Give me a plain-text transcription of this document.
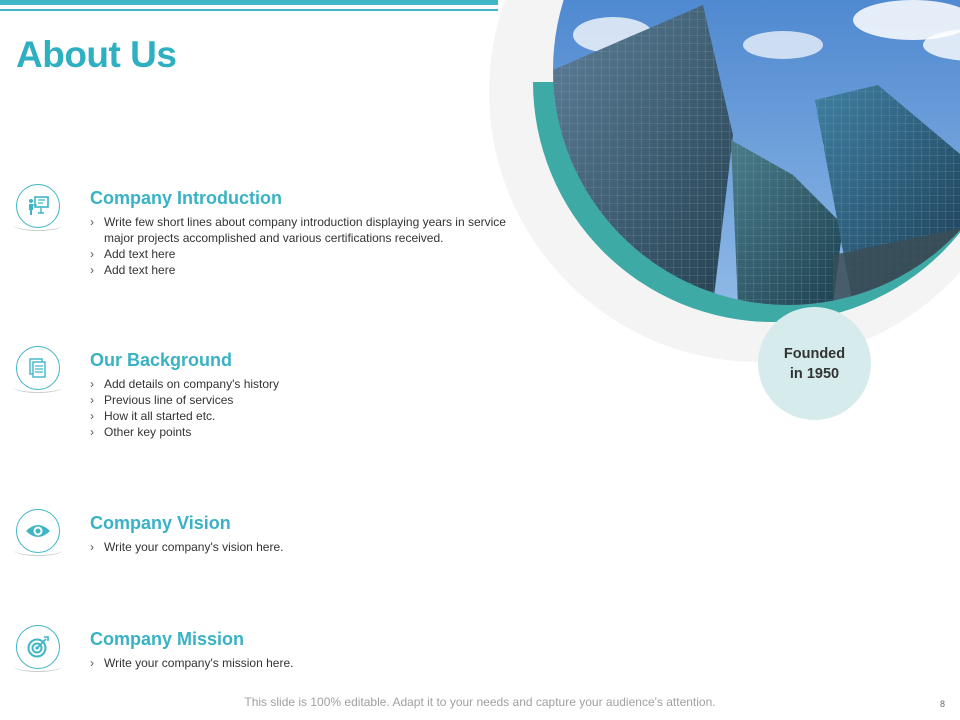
About Us
Founded
in 1950
Company Introduction
› Write few short lines about company introduction displaying years in service major projects accomplished and various certifications received.
› Add text here
› Add text here
Our Background
› Add details on company's history
› Previous line of services
› How it all started etc.
› Other key points
Company Vision
› Write your company's vision here.
Company Mission
› Write your company's mission here.
This slide is 100% editable. Adapt it to your needs and capture your audience's attention.	8
